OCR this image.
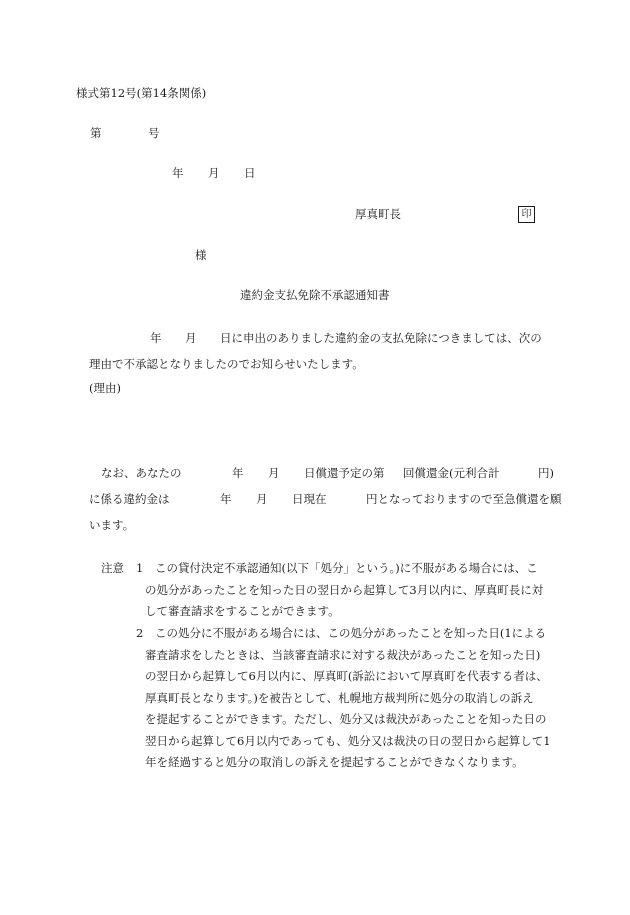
様式第12号(第14条関係)
第	号
年 月 日
厚真町長	印
様
違約金支払免除不承認通知書
年 月 日に申出のありました違約金の支払免除につきましては、次の
理由で不承認となりましたのでお知らせいたします。
(理由)
なお、あなたの	年 月 日償還予定の第 回償還金(元利合計	円)
に係る違約金は	年 月 日現在	円となっておりますので至急償還を願
います。
注意 1 この貸付決定不承認通知(以下「処分」という。)に不服がある場合には、こ
の処分があったことを知った日の翌日から起算して3月以内に、厚真町長に対
して審査請求をすることができます。
2 この処分に不服がある場合には、この処分があったことを知った日(1による
審査請求をしたときは、当該審査請求に対する裁決があったことを知った日)
の翌日から起算して6月以内に、厚真町(訴訟において厚真町を代表する者は、
厚真町長となります。)を被告として、札幌地方裁判所に処分の取消しの訴え
を提起することができます。ただし、処分又は裁決があったことを知った日の
翌日から起算して6月以内であっても、処分又は裁決の日の翌日から起算して1
年を経過すると処分の取消しの訴えを提起することができなくなります。
